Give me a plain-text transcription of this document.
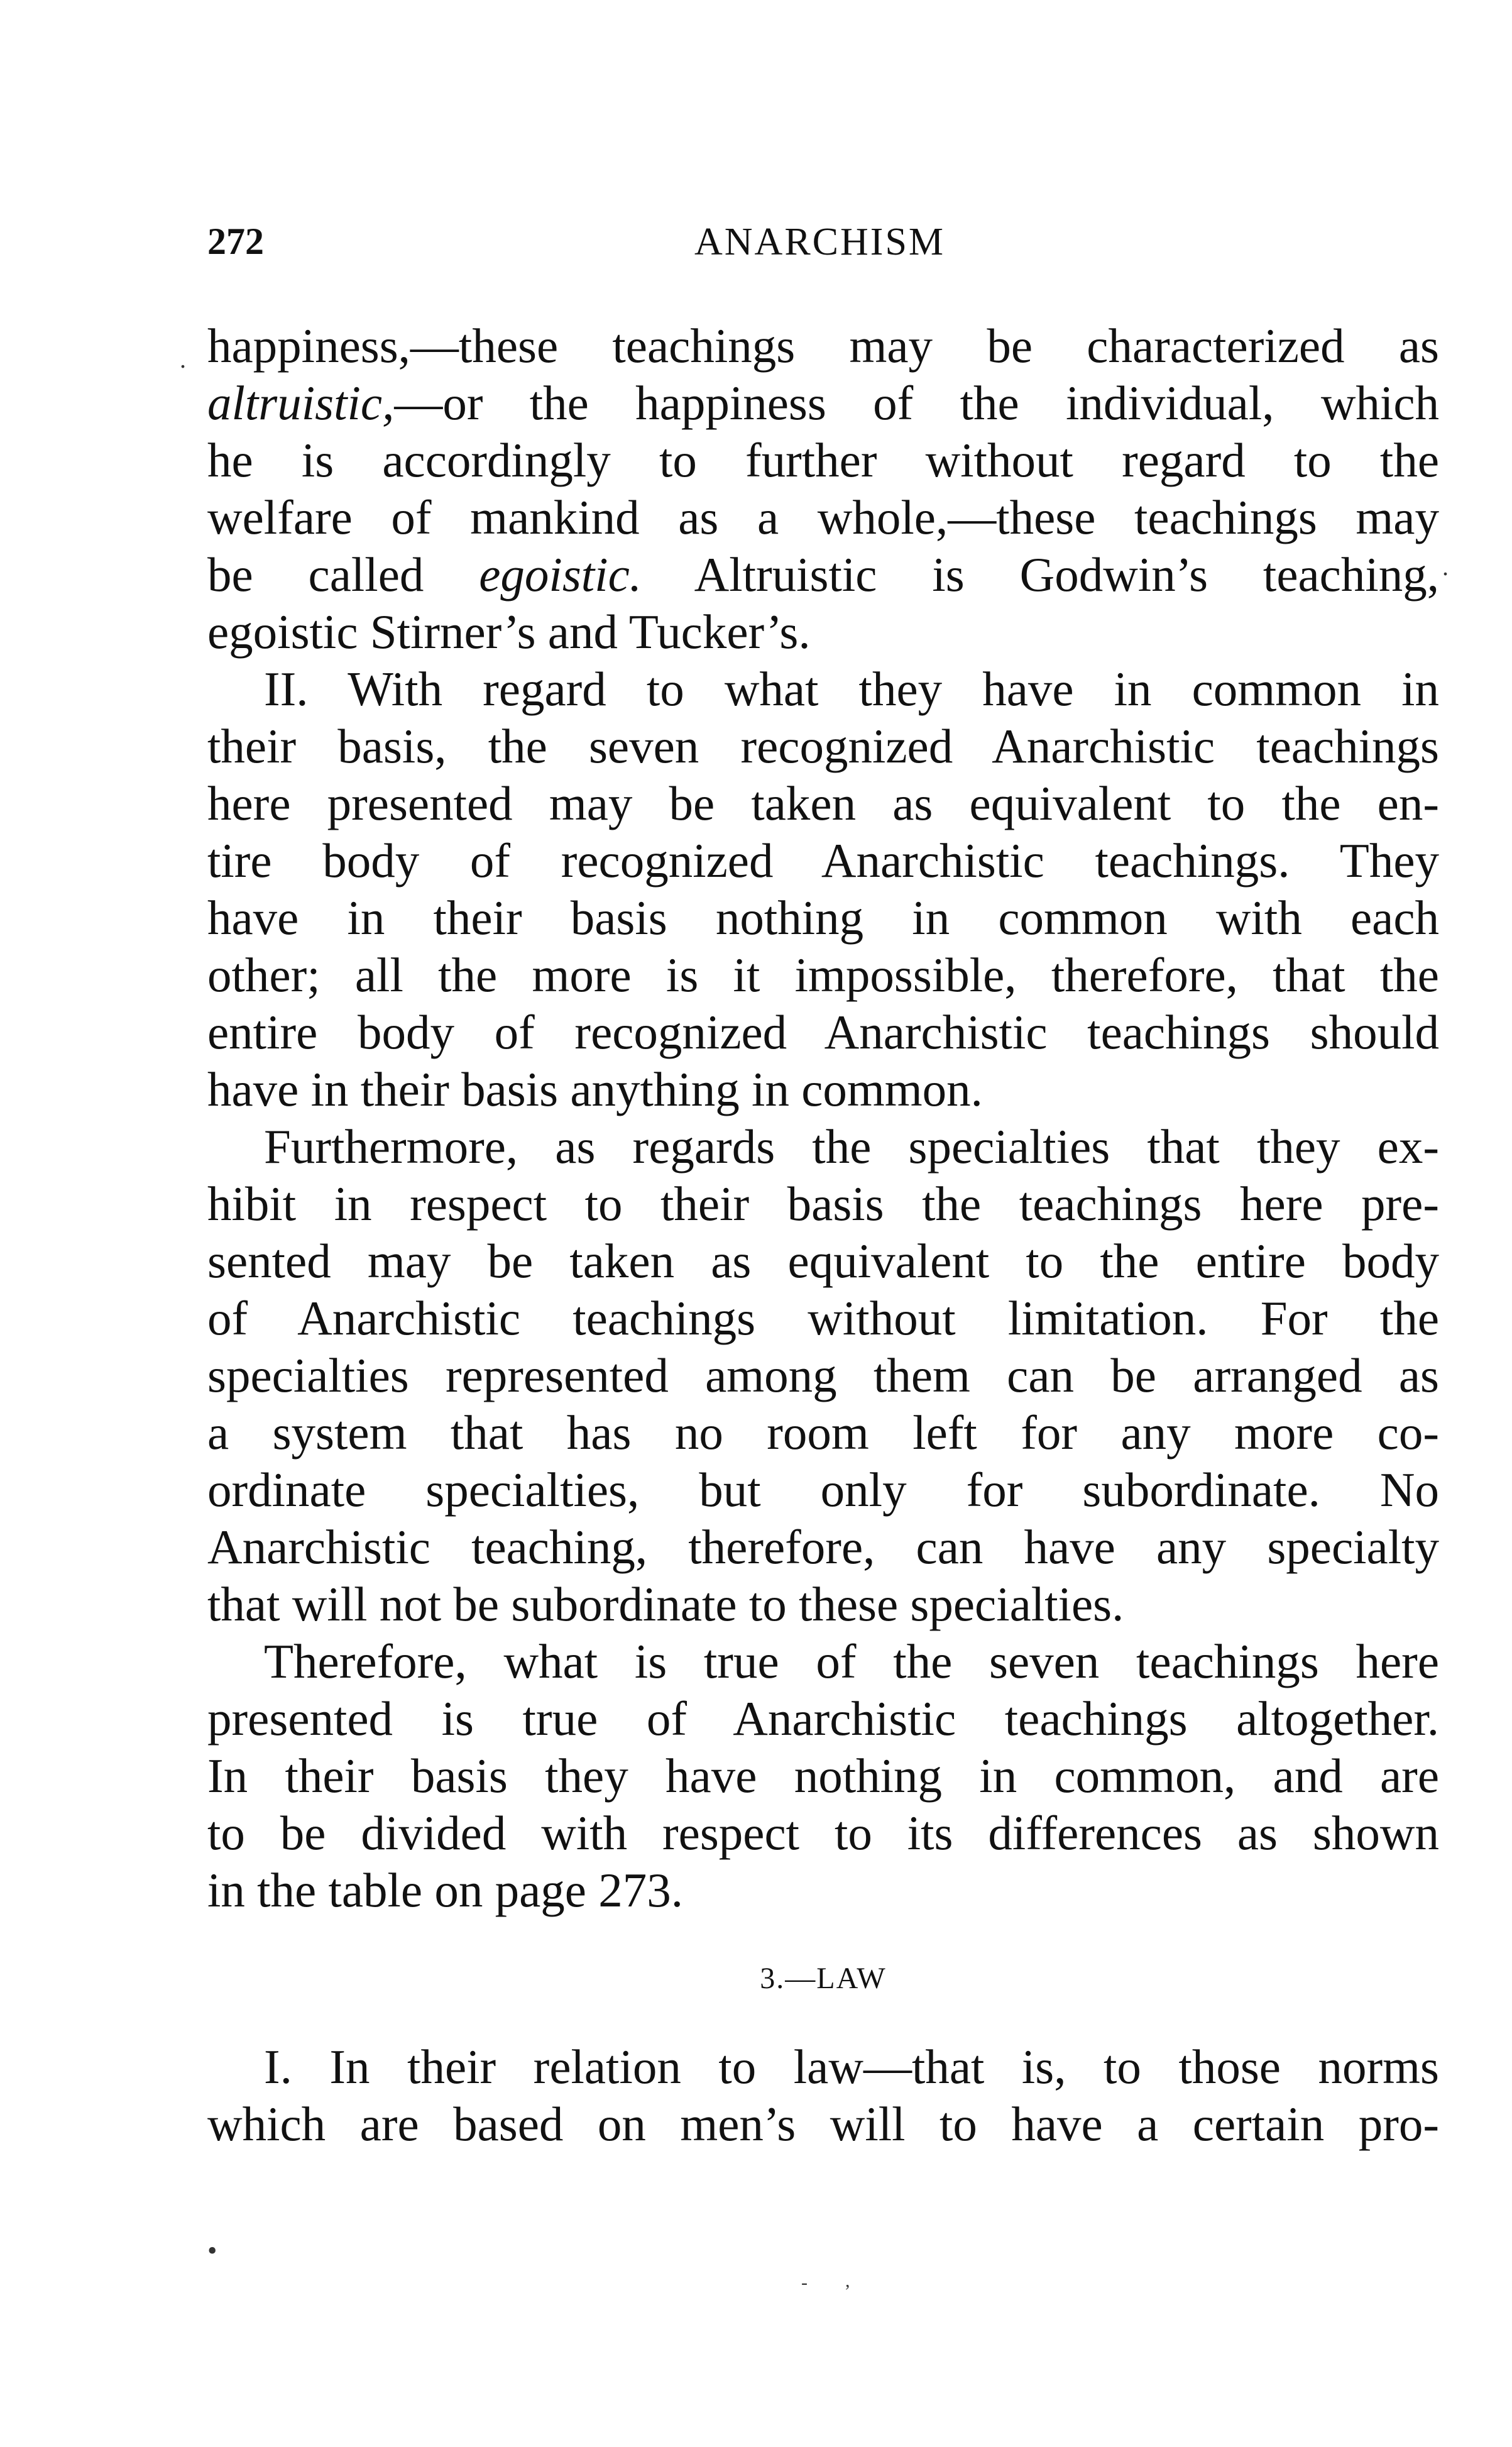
272	ANARCHISM
happiness,—these teachings may be characterized as
altruistic,—or the happiness of the individual, which
he is accordingly to further without regard to the
welfare of mankind as a whole,—these teachings may
be called egoistic. Altruistic is Godwin’s teaching,
egoistic Stirner’s and Tucker’s.
II. With regard to what they have in common in
their basis, the seven recognized Anarchistic teachings
here presented may be taken as equivalent to the en-
tire body of recognized Anarchistic teachings. They
have in their basis nothing in common with each
other; all the more is it impossible, therefore, that the
entire body of recognized Anarchistic teachings should
have in their basis anything in common.
Furthermore, as regards the specialties that they ex-
hibit in respect to their basis the teachings here pre-
sented may be taken as equivalent to the entire body
of Anarchistic teachings without limitation. For the
specialties represented among them can be arranged as
a system that has no room left for any more co-
ordinate specialties, but only for subordinate. No
Anarchistic teaching, therefore, can have any specialty
that will not be subordinate to these specialties.
Therefore, what is true of the seven teachings here
presented is true of Anarchistic teachings altogether.
In their basis they have nothing in common, and are
to be divided with respect to its differences as shown
in the table on page 273.
3.—LAW
I. In their relation to law—that is, to those norms
which are based on men’s will to have a certain pro-
.
.
•
- ,
